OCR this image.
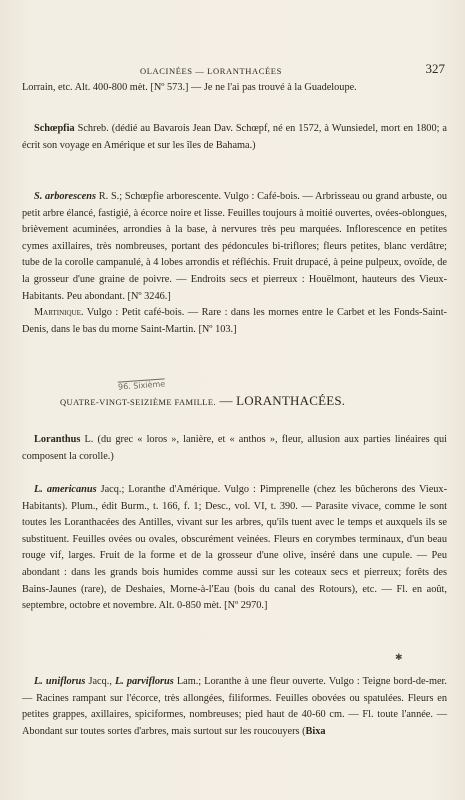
OLACINÉES — LORANTHACÉES	327

Lorrain, etc. Alt. 400-800 mèt. [Nº 573.] — Je ne l'ai pas trouvé à la Guadeloupe.

Schœpfia Schreb. (dédié au Bavarois Jean Dav. Schœpf, né en 1572, à Wunsiedel, mort en 1800; a écrit son voyage en Amérique et sur les îles de Bahama.)

S. arborescens R. S.; Schœpfie arborescente. Vulgo : Café-bois. — Arbrisseau ou grand arbuste, ou petit arbre élancé, fastigié, à écorce noire et lisse. Feuilles toujours à moitié ouvertes, ovées-oblongues, brièvement acuminées, arrondies à la base, à nervures très peu marquées. Inflorescence en petites cymes axillaires, très nombreuses, portant des pédoncules bi-triflores; fleurs petites, blanc verdâtre; tube de la corolle campanulé, à 4 lobes arrondis et réfléchis. Fruit drupacé, à peine pulpeux, ovoïde, de la grosseur d'une graine de poivre. — Endroits secs et pierreux : Houëlmont, hauteurs des Vieux-Habitants. Peu abondant. [Nº 3246.]

Martinique. Vulgo : Petit café-bois. — Rare : dans les mornes entre le Carbet et les Fonds-Saint-Denis, dans le bas du morne Saint-Martin. [Nº 103.]

96. Sixième
QUATRE-VINGT-SEIZIÈME FAMILLE. — LORANTHACÉES.

Loranthus L. (du grec « loros », lanière, et « anthos », fleur, allusion aux parties linéaires qui composent la corolle.)

L. americanus Jacq.; Loranthe d'Amérique. Vulgo : Pimprenelle (chez les bûcherons des Vieux-Habitants). Plum., édit Burm., t. 166, f. 1; Desc., vol. VI, t. 390. — Parasite vivace, comme le sont toutes les Loranthacées des Antilles, vivant sur les arbres, qu'ils tuent avec le temps et auxquels ils se substituent. Feuilles ovées ou ovales, obscurément veinées. Fleurs en corymbes terminaux, d'un beau rouge vif, larges. Fruit de la forme et de la grosseur d'une olive, inséré dans une cupule. — Peu abondant : dans les grands bois humides comme aussi sur les coteaux secs et pierreux; forêts des Bains-Jaunes (rare), de Deshaies, Morne-à-l'Eau (bois du canal des Rotours), etc. — Fl. en août, septembre, octobre et novembre. Alt. 0-850 mèt. [Nº 2970.]

✱

L. uniflorus Jacq., L. parviflorus Lam.; Loranthe à une fleur ouverte. Vulgo : Teigne bord-de-mer. — Racines rampant sur l'écorce, très allongées, filiformes. Feuilles obovées ou spatulées. Fleurs en petites grappes, axillaires, spiciformes, nombreuses; pied haut de 40-60 cm. — Fl. toute l'année. — Abondant sur toutes sortes d'arbres, mais surtout sur les roucouyers (Bixa
